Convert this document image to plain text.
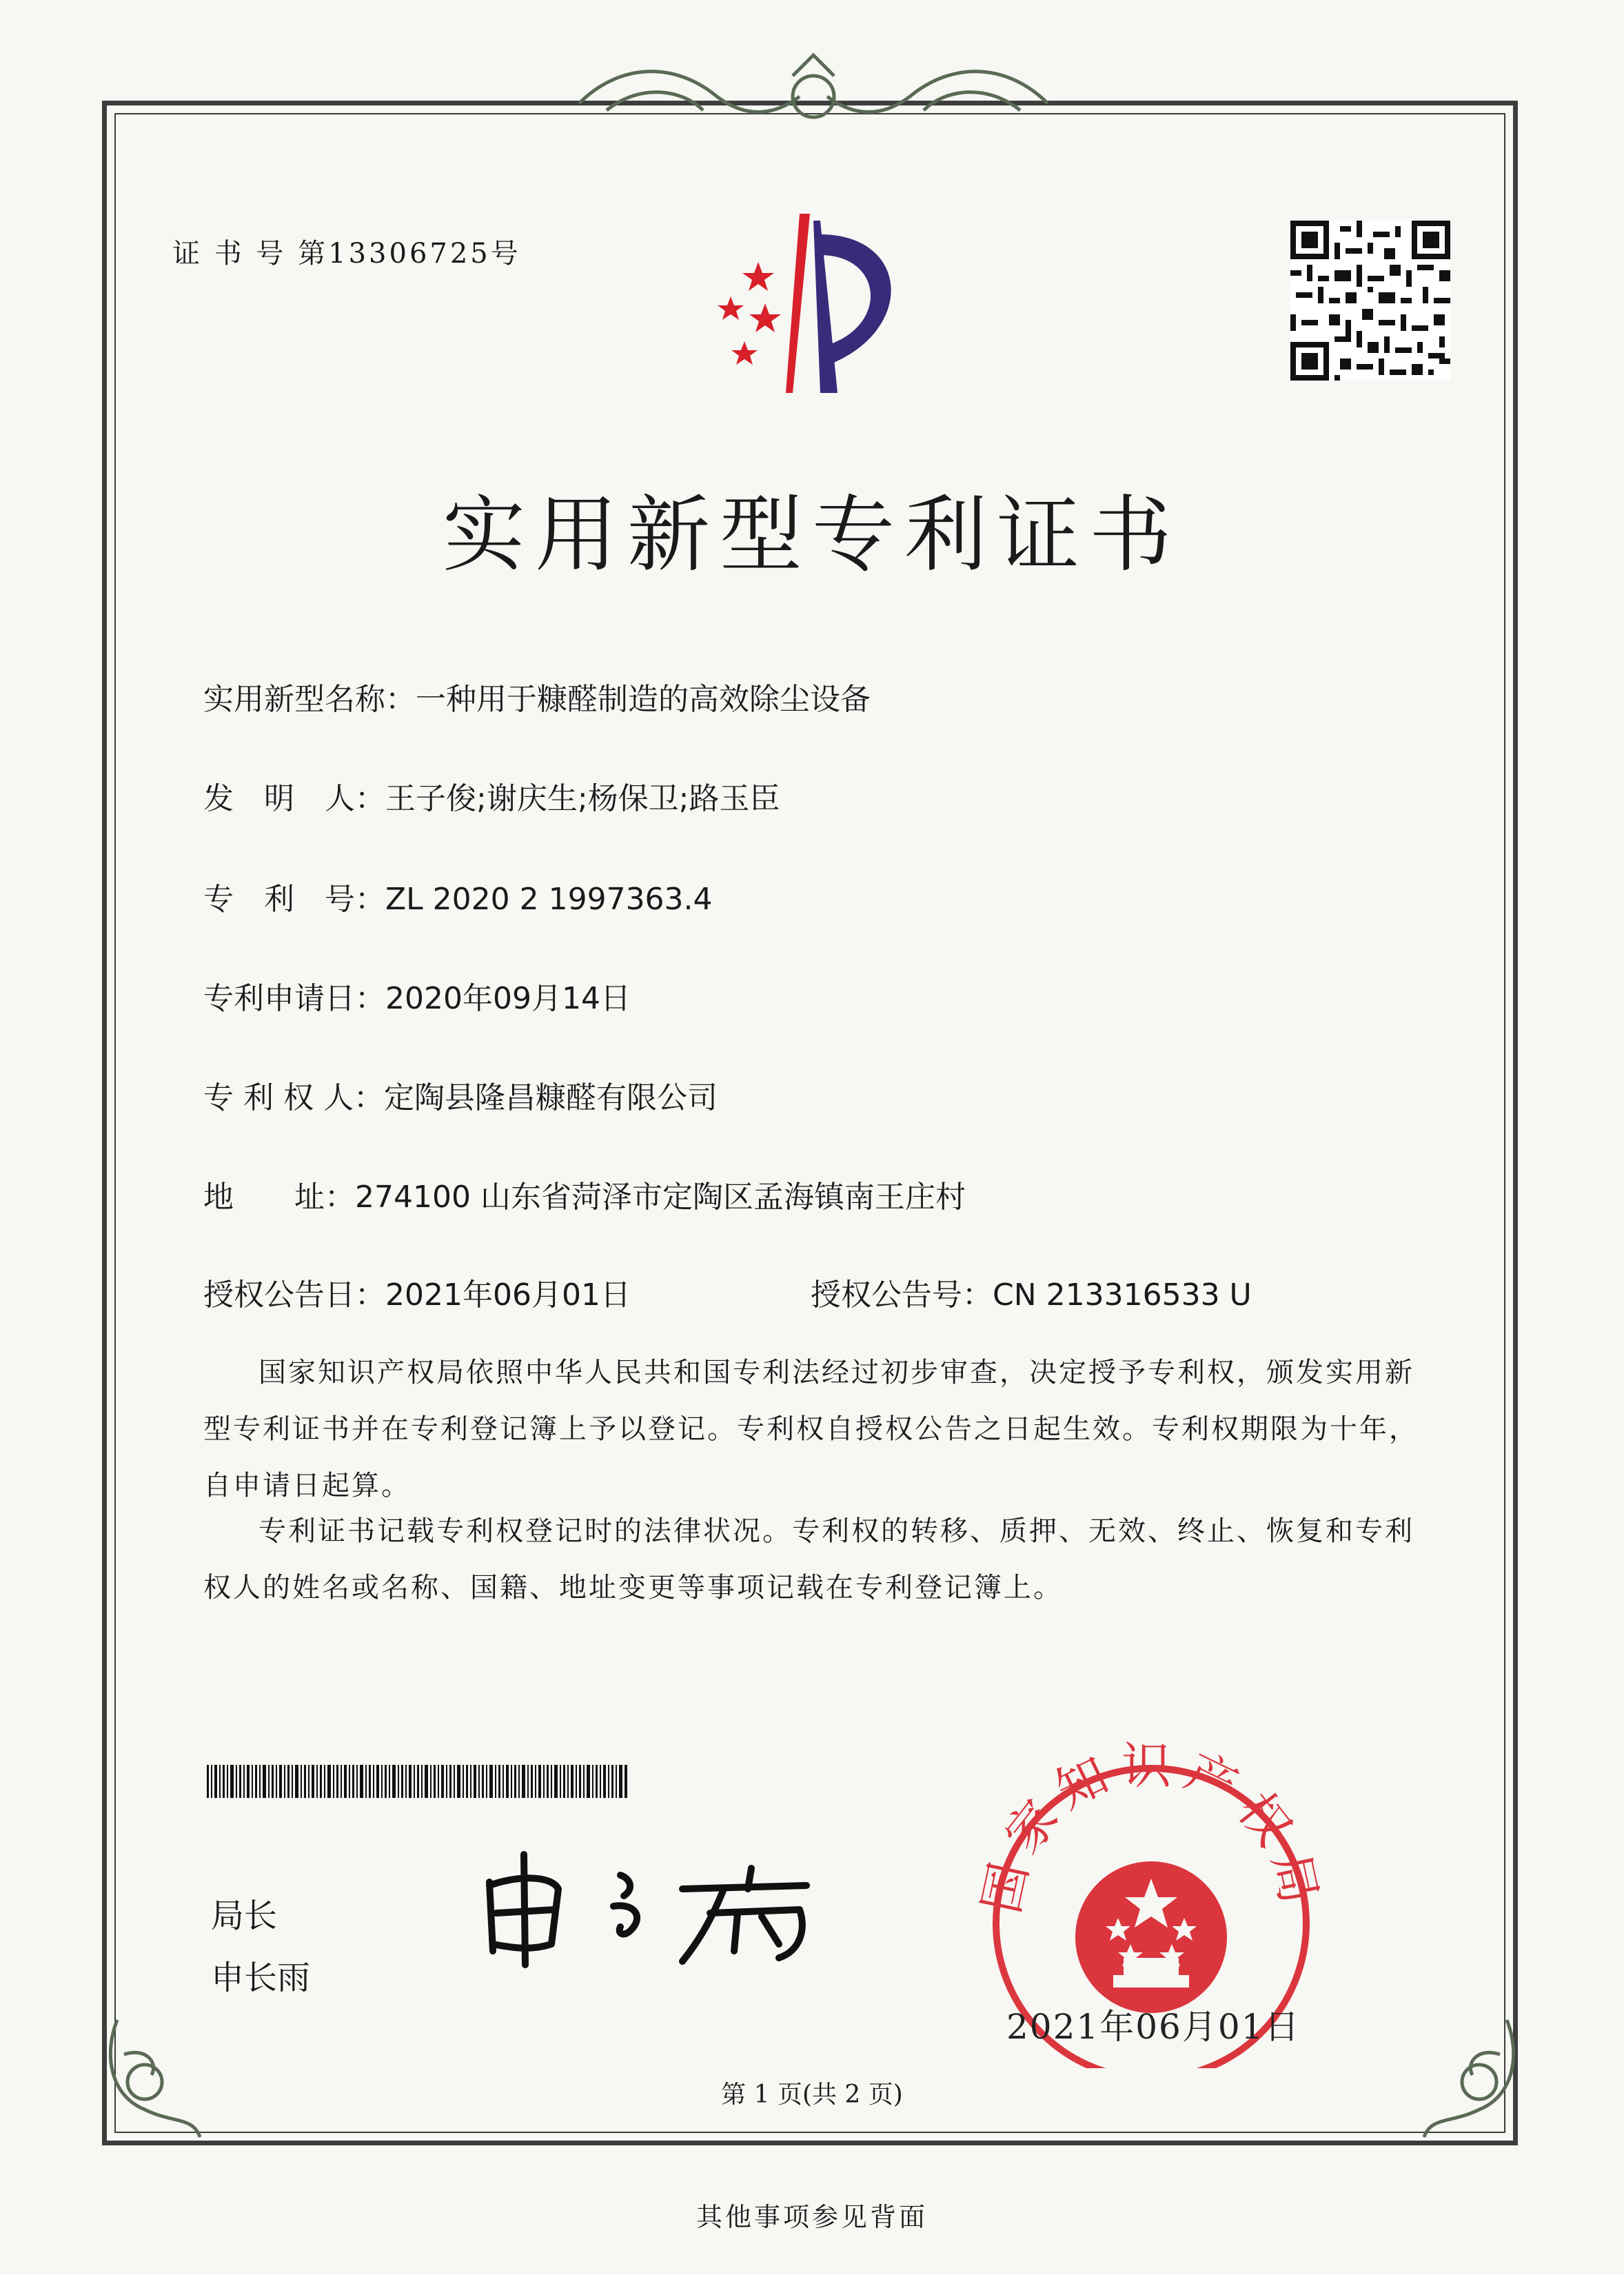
证 书 号 第13306725号
实用新型专利证书
实用新型名称：一种用于糠醛制造的高效除尘设备
发　明　人：王子俊;谢庆生;杨保卫;路玉臣
专　利　号：ZL 2020 2 1997363.4
专利申请日：2020年09月14日
专 利 权 人：定陶县隆昌糠醛有限公司
地　　址：274100 山东省菏泽市定陶区孟海镇南王庄村
授权公告日：2021年06月01日	授权公告号：CN 213316533 U
国家知识产权局依照中华人民共和国专利法经过初步审查，决定授予专利权，颁发实用新型专利证书并在专利登记簿上予以登记。专利权自授权公告之日起生效。专利权期限为十年，自申请日起算。
专利证书记载专利权登记时的法律状况。专利权的转移、质押、无效、终止、恢复和专利权人的姓名或名称、国籍、地址变更等事项记载在专利登记簿上。
局长
申长雨
国家知识产权局
2021年06月01日
第 1 页(共 2 页)
其他事项参见背面
